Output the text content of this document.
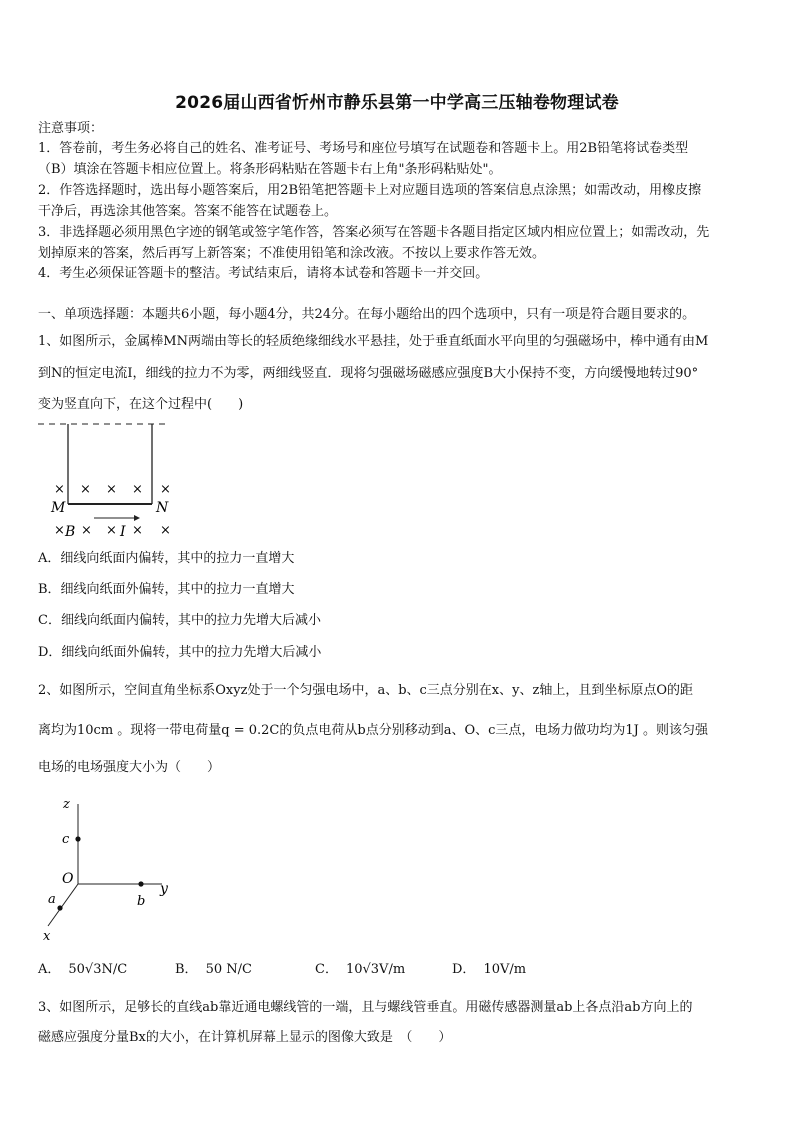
2026届山西省忻州市静乐县第一中学高三压轴卷物理试卷
注意事项：
1．答卷前，考生务必将自己的姓名、准考证号、考场号和座位号填写在试题卷和答题卡上。用2B铅笔将试卷类型
（B）填涂在答题卡相应位置上。将条形码粘贴在答题卡右上角"条形码粘贴处"。
2．作答选择题时，选出每小题答案后，用2B铅笔把答题卡上对应题目选项的答案信息点涂黑；如需改动，用橡皮擦
干净后，再选涂其他答案。答案不能答在试题卷上。
3．非选择题必须用黑色字迹的钢笔或签字笔作答，答案必须写在答题卡各题目指定区域内相应位置上；如需改动，先
划掉原来的答案，然后再写上新答案；不准使用铅笔和涂改液。不按以上要求作答无效。
4．考生必须保证答题卡的整洁。考试结束后，请将本试卷和答题卡一并交回。
一、单项选择题：本题共6小题，每小题4分，共24分。在每小题给出的四个选项中，只有一项是符合题目要求的。
1、如图所示，金属棒MN两端由等长的轻质绝缘细线水平悬挂，处于垂直纸面水平向里的匀强磁场中，棒中通有由M
到N的恒定电流I，细线的拉力不为零，两细线竖直．现将匀强磁场磁感应强度B大小保持不变，方向缓慢地转过90°
变为竖直向下，在这个过程中(　　)
× × × × ×
M	N
× B × × I × ×
A．细线向纸面内偏转，其中的拉力一直增大
B．细线向纸面外偏转，其中的拉力一直增大
C．细线向纸面内偏转，其中的拉力先增大后减小
D．细线向纸面外偏转，其中的拉力先增大后减小
2、如图所示，空间直角坐标系Oxyz处于一个匀强电场中，a、b、c三点分别在x、y、z轴上，且到坐标原点O的距
离均为10cm 。现将一带电荷量q = 0.2C的负点电荷从b点分别移动到a、O、c三点，电场力做功均为1J 。则该匀强
电场的电场强度大小为（　　）
z
c
O
a	b
y
x
A． 50√3N/C	B． 50 N/C	C． 10√3V/m	D． 10V/m
3、如图所示，足够长的直线ab靠近通电螺线管的一端，且与螺线管垂直。用磁传感器测量ab上各点沿ab方向上的
磁感应强度分量Bx的大小，在计算机屏幕上显示的图像大致是　（　　）
